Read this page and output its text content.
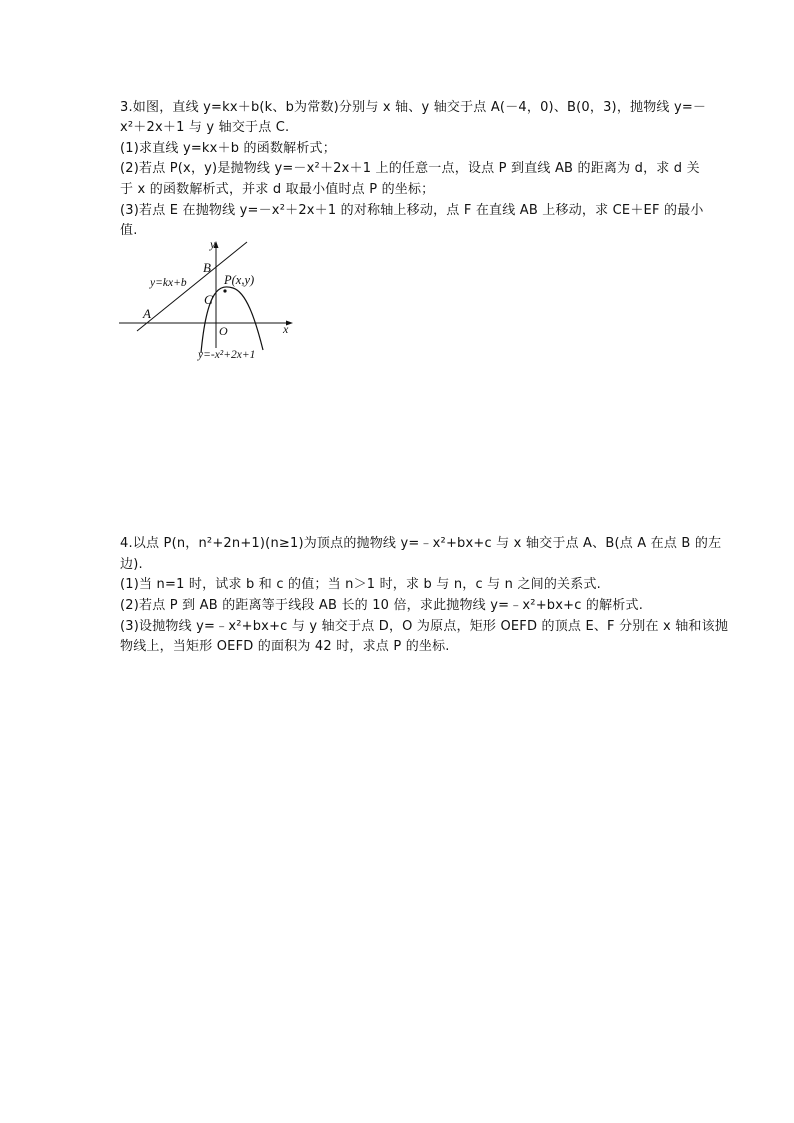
3.如图，直线 y=kx＋b(k、b为常数)分别与 x 轴、y 轴交于点 A(－4，0)、B(0，3)，抛物线 y=－
x²＋2x＋1 与 y 轴交于点 C.
(1)求直线 y=kx＋b 的函数解析式；
(2)若点 P(x，y)是抛物线 y=－x²＋2x＋1 上的任意一点，设点 P 到直线 AB 的距离为 d，求 d 关
于 x 的函数解析式，并求 d 取最小值时点 P 的坐标；
(3)若点 E 在抛物线 y=－x²＋2x＋1 的对称轴上移动，点 F 在直线 AB 上移动，求 CE＋EF 的最小
值.
y
x
B
C
A
O
P(x,y)
y=kx+b
y=-x²+2x+1
4.以点 P(n，n²+2n+1)(n≥1)为顶点的抛物线 y=﹣x²+bx+c 与 x 轴交于点 A、B(点 A 在点 B 的左
边).
(1)当 n=1 时，试求 b 和 c 的值；当 n＞1 时，求 b 与 n，c 与 n 之间的关系式.
(2)若点 P 到 AB 的距离等于线段 AB 长的 10 倍，求此抛物线 y=﹣x²+bx+c 的解析式.
(3)设抛物线 y=﹣x²+bx+c 与 y 轴交于点 D，O 为原点，矩形 OEFD 的顶点 E、F 分别在 x 轴和该抛
物线上，当矩形 OEFD 的面积为 42 时，求点 P 的坐标.
